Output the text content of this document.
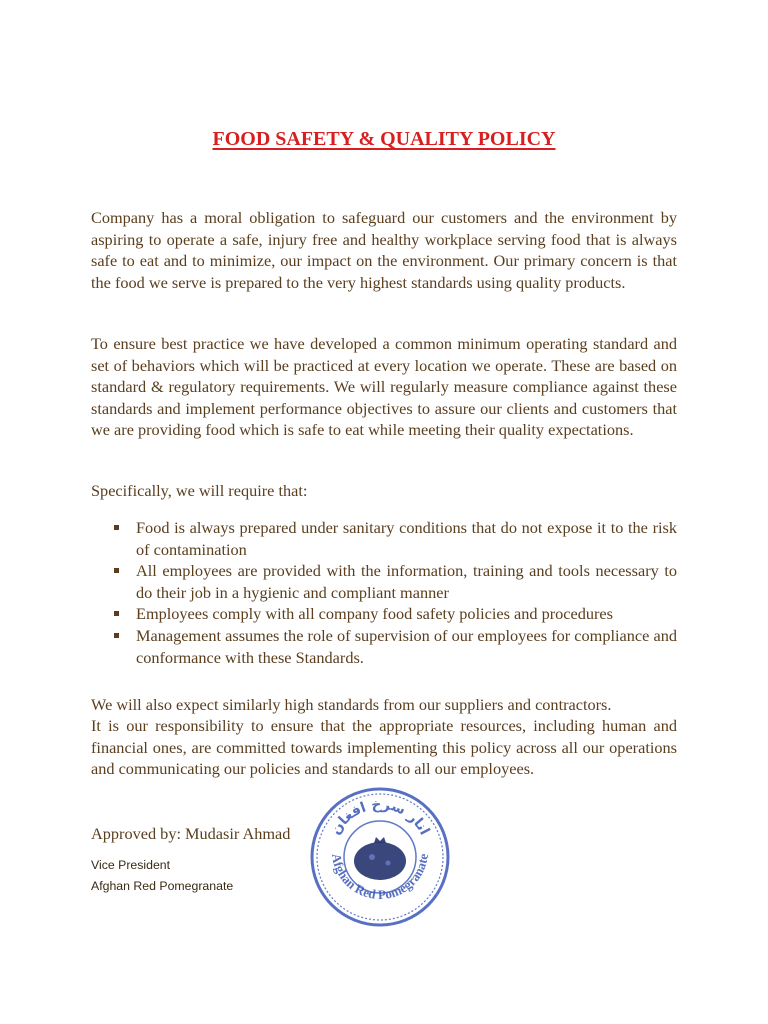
FOOD SAFETY & QUALITY POLICY

Company has a moral obligation to safeguard our customers and the environment by aspiring to operate a safe, injury free and healthy workplace serving food that is always safe to eat and to minimize, our impact on the environment. Our primary concern is that the food we serve is prepared to the very highest standards using quality products.

To ensure best practice we have developed a common minimum operating standard and set of behaviors which will be practiced at every location we operate. These are based on standard & regulatory requirements. We will regularly measure compliance against these standards and implement performance objectives to assure our clients and customers that we are providing food which is safe to eat while meeting their quality expectations.

Specifically, we will require that:

Food is always prepared under sanitary conditions that do not expose it to the risk of contamination
All employees are provided with the information, training and tools necessary to do their job in a hygienic and compliant manner
Employees comply with all company food safety policies and procedures
Management assumes the role of supervision of our employees for compliance and conformance with these Standards.

We will also expect similarly high standards from our suppliers and contractors.

It is our responsibility to ensure that the appropriate resources, including human and financial ones, are committed towards implementing this policy across all our operations and communicating our policies and standards to all our employees.

Approved by: Mudasir Ahmad
Vice President
Afghan Red Pomegranate
Afghan Red Pomegranate
انار سرخ افغان
